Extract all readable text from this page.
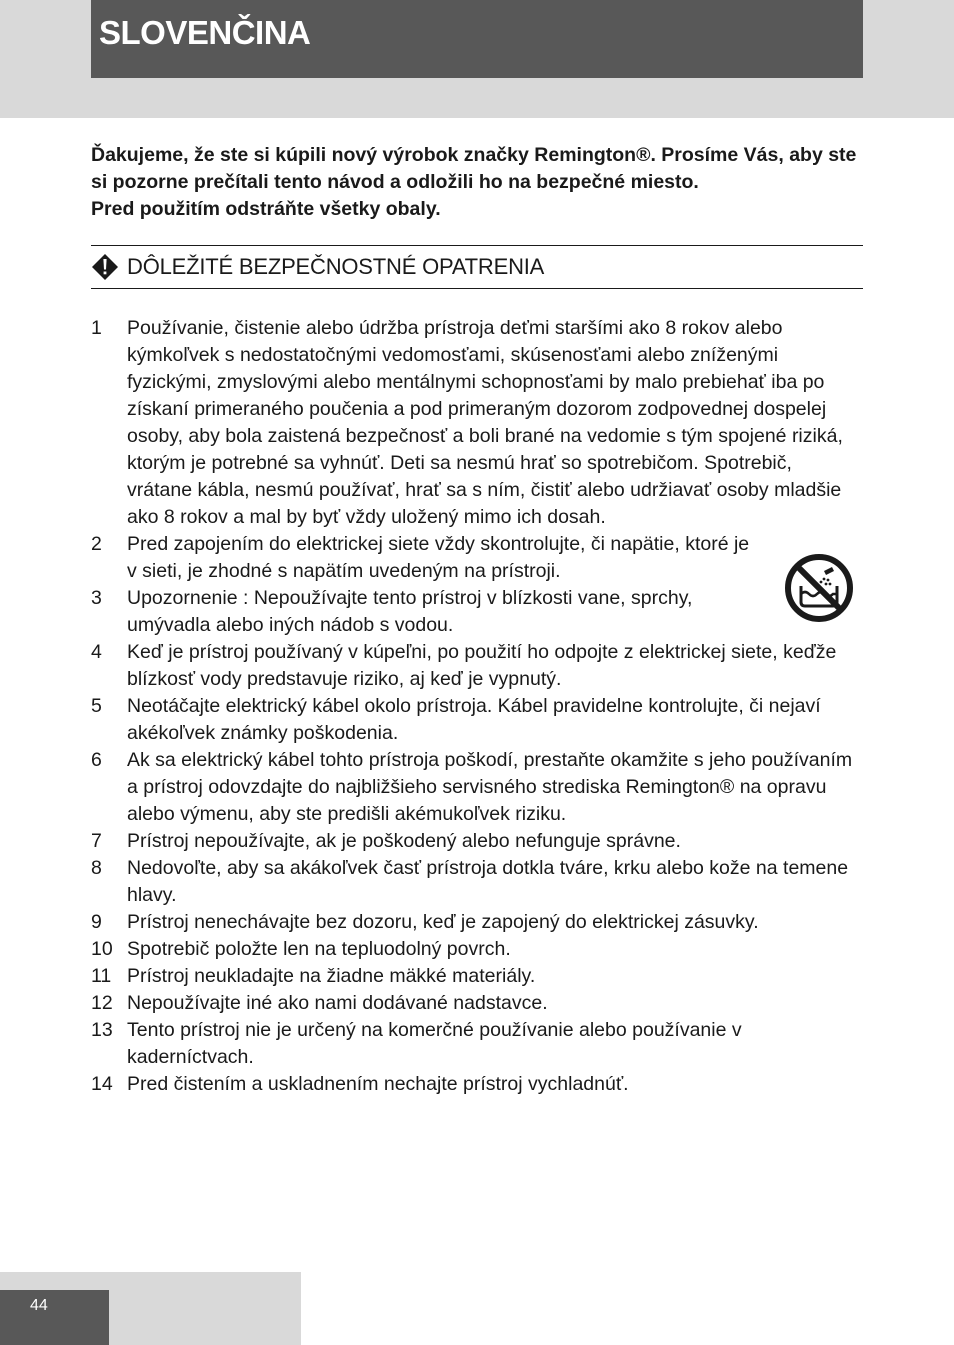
SLOVENČINA

Ďakujeme, že ste si kúpili nový výrobok značky Remington®. Prosíme Vás, aby ste si pozorne prečítali tento návod a odložili ho na bezpečné miesto.

Pred použitím odstráňte všetky obaly.

DÔLEŽITÉ BEZPEČNOSTNÉ OPATRENIA
1 Používanie, čistenie alebo údržba prístroja deťmi staršími ako 8 rokov alebo kýmkoľvek s nedostatočnými vedomosťami, skúsenosťami alebo zníženými fyzickými, zmyslovými alebo mentálnymi schopnosťami by malo prebiehať iba po získaní primeraného poučenia a pod primeraným dozorom zodpovednej dospelej osoby, aby bola zaistená bezpečnosť a boli brané na vedomie s tým spojené riziká, ktorým je potrebné sa vyhnúť. Deti sa nesmú hrať so spotrebičom. Spotrebič, vrátane kábla, nesmú používať, hrať sa s ním, čistiť alebo udržiavať osoby mladšie ako 8 rokov a mal by byť vždy uložený mimo ich dosah.
2 Pred zapojením do elektrickej siete vždy skontrolujte, či napätie, ktoré je v sieti, je zhodné s napätím uvedeným na prístroji.
3 Upozornenie : Nepoužívajte tento prístroj v blízkosti vane, sprchy, umývadla alebo iných nádob s vodou.
4 Keď je prístroj používaný v kúpeľni, po použití ho odpojte z elektrickej siete, keďže blízkosť vody predstavuje riziko, aj keď je vypnutý.
5 Neotáčajte elektrický kábel okolo prístroja. Kábel pravidelne kontrolujte, či nejaví akékoľvek známky poškodenia.
6 Ak sa elektrický kábel tohto prístroja poškodí, prestaňte okamžite s jeho používaním a prístroj odovzdajte do najbližšieho servisného strediska Remington® na opravu alebo výmenu, aby ste predišli akémukoľvek riziku.
7 Prístroj nepoužívajte, ak je poškodený alebo nefunguje správne.
8 Nedovoľte, aby sa akákoľvek časť prístroja dotkla tváre, krku alebo kože na temene hlavy.
9 Prístroj nenechávajte bez dozoru, keď je zapojený do elektrickej zásuvky.
10 Spotrebič položte len na tepluodolný povrch.
11 Prístroj neukladajte na žiadne mäkké materiály.
12 Nepoužívajte iné ako nami dodávané nadstavce.
13 Tento prístroj nie je určený na komerčné používanie alebo používanie v kaderníctvach.
14 Pred čistením a uskladnením nechajte prístroj vychladnúť.
44
